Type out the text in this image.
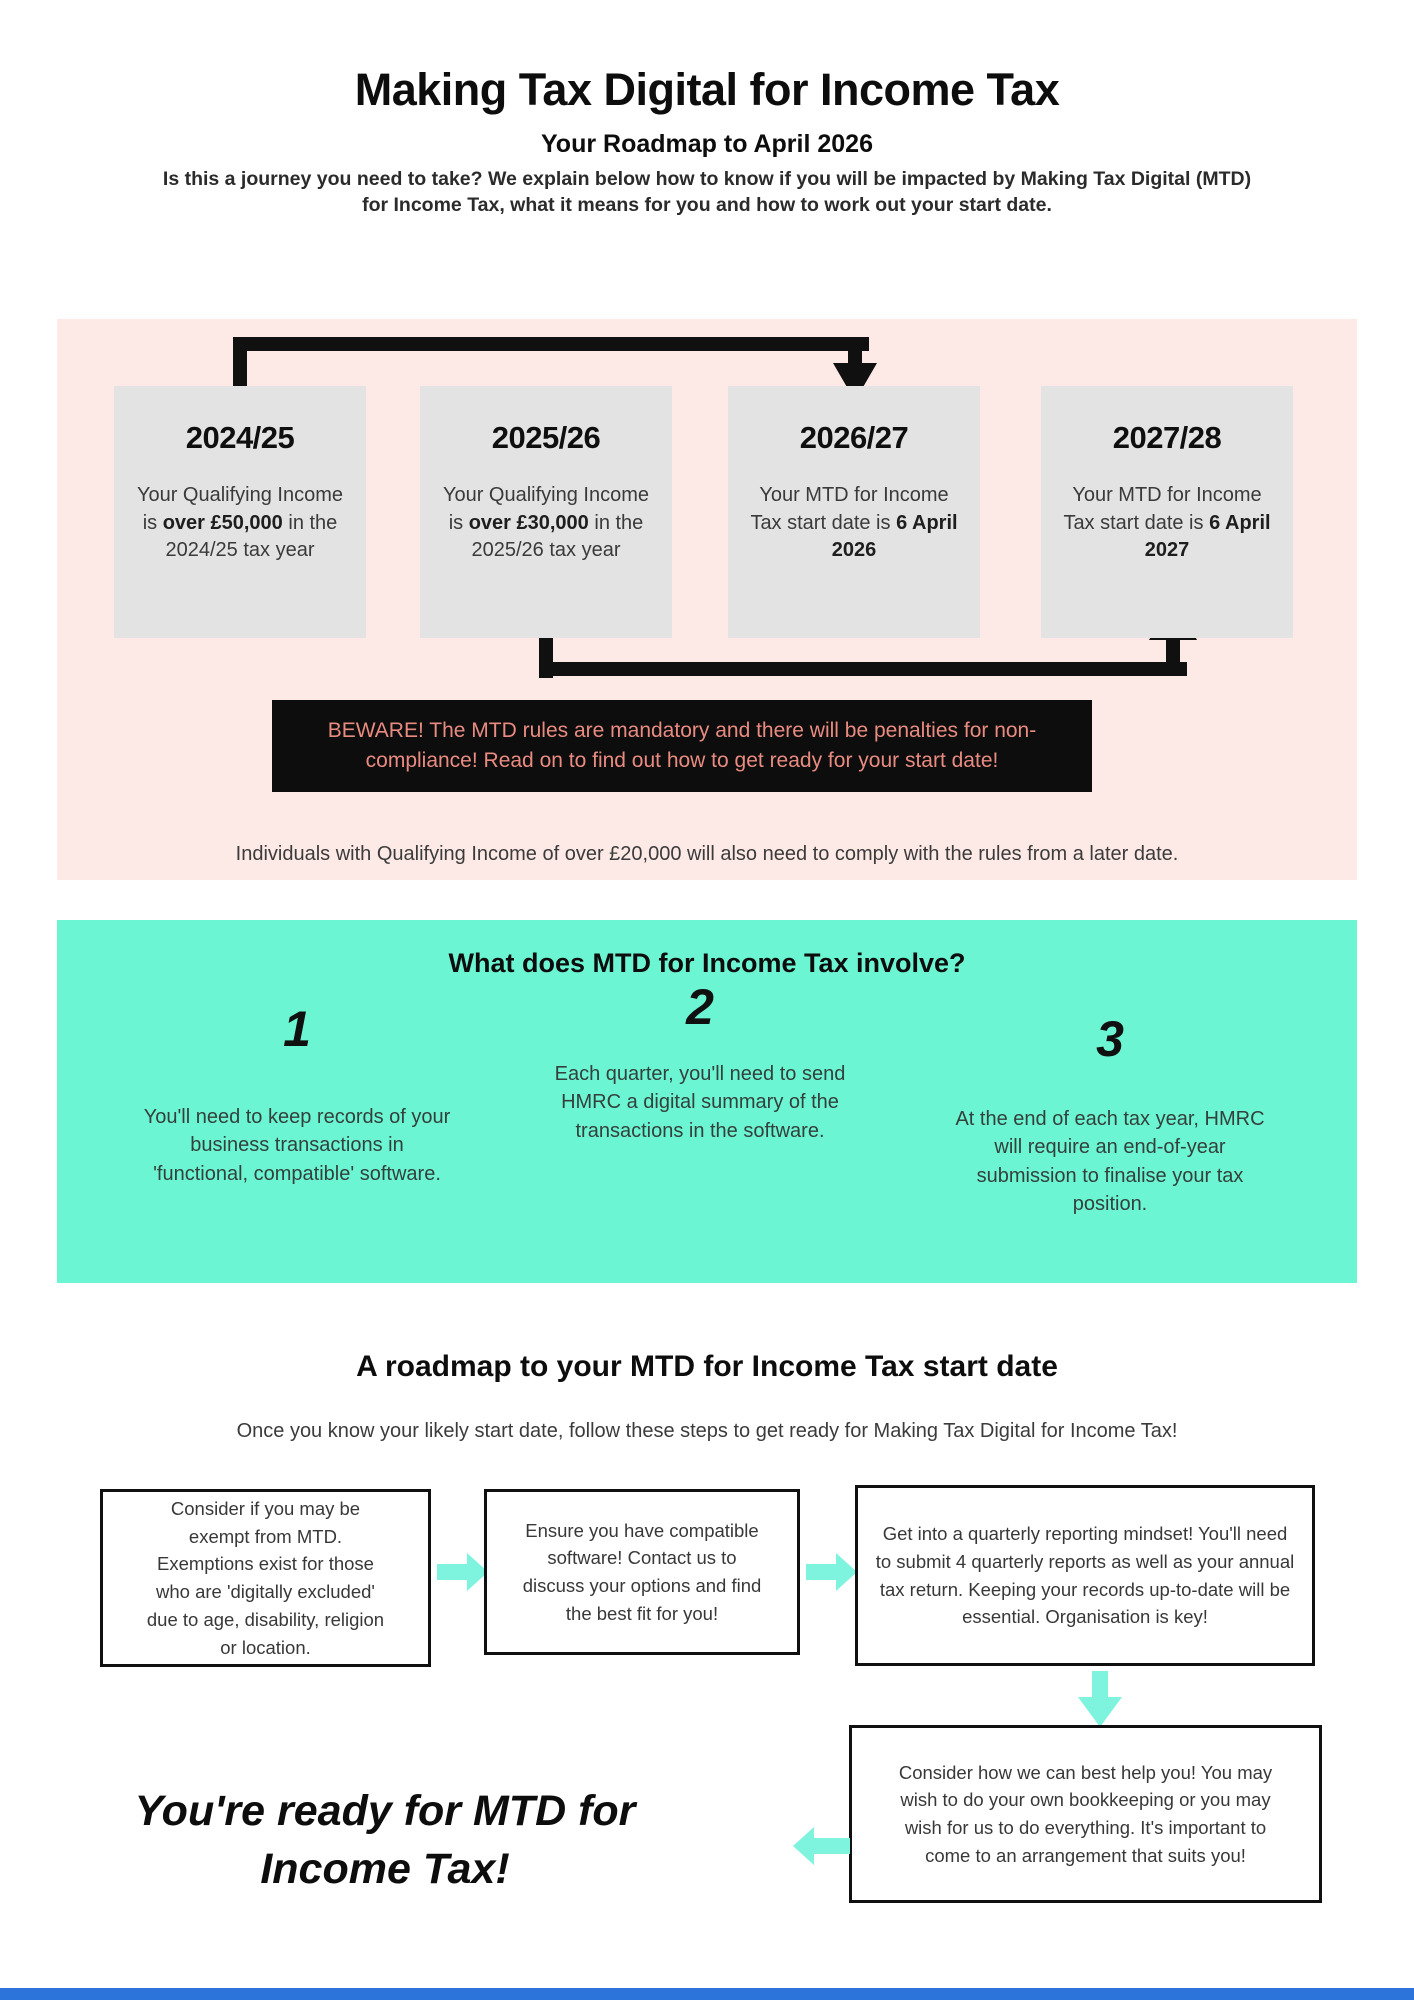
Making Tax Digital for Income Tax
Your Roadmap to April 2026

Is this a journey you need to take? We explain below how to know if you will be impacted by Making Tax Digital (MTD) for Income Tax, what it means for you and how to work out your start date.

2024/25
Your Qualifying Income is over £50,000 in the 2024/25 tax year
2025/26
Your Qualifying Income is over £30,000 in the 2025/26 tax year
2026/27
Your MTD for Income Tax start date is 6 April 2026
2027/28
Your MTD for Income Tax start date is 6 April 2027
BEWARE! The MTD rules are mandatory and there will be penalties for non-compliance! Read on to find out how to get ready for your start date!
Individuals with Qualifying Income of over £20,000 will also need to comply with the rules from a later date.
What does MTD for Income Tax involve?
1
You'll need to keep records of your business transactions in 'functional, compatible' software.
2
Each quarter, you'll need to send HMRC a digital summary of the transactions in the software.
3
At the end of each tax year, HMRC will require an end-of-year submission to finalise your tax position.
A roadmap to your MTD for Income Tax start date
Once you know your likely start date, follow these steps to get ready for Making Tax Digital for Income Tax!
Consider if you may be exempt from MTD. Exemptions exist for those who are 'digitally excluded' due to age, disability, religion or location.
Ensure you have compatible software! Contact us to discuss your options and find the best fit for you!
Get into a quarterly reporting mindset! You'll need to submit 4 quarterly reports as well as your annual tax return. Keeping your records up-to-date will be essential. Organisation is key!
Consider how we can best help you! You may wish to do your own bookkeeping or you may wish for us to do everything. It's important to come to an arrangement that suits you!
You're ready for MTD for
Income Tax!
